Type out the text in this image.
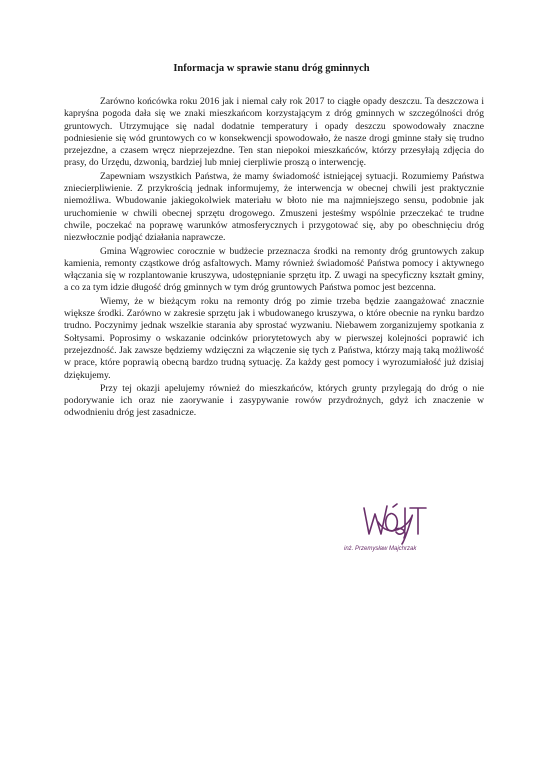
Informacja w sprawie stanu dróg gminnych

Zarówno końcówka roku 2016 jak i niemal cały rok 2017 to ciągłe opady deszczu. Ta deszczowa i kapryśna pogoda dała się we znaki mieszkańcom korzystającym z dróg gminnych w szczególności dróg gruntowych. Utrzymujące się nadal dodatnie temperatury i opady deszczu spowodowały znaczne podniesienie się wód gruntowych co w konsekwencji spowodowało, że nasze drogi gminne stały się trudno przejezdne, a czasem wręcz nieprzejezdne. Ten stan niepokoi mieszkańców, którzy przesyłają zdjęcia do prasy, do Urzędu, dzwonią, bardziej lub mniej cierpliwie proszą o interwencję.

Zapewniam wszystkich Państwa, że mamy świadomość istniejącej sytuacji. Rozumiemy Państwa zniecierpliwienie. Z przykrością jednak informujemy, że interwencja w obecnej chwili jest praktycznie niemożliwa. Wbudowanie jakiegokolwiek materiału w błoto nie ma najmniejszego sensu, podobnie jak uruchomienie w chwili obecnej sprzętu drogowego. Zmuszeni jesteśmy wspólnie przeczekać te trudne chwile, poczekać na poprawę warunków atmosferycznych i przygotować się, aby po obeschnięciu dróg niezwłocznie podjąć działania naprawcze.

Gmina Wągrowiec corocznie w budżecie przeznacza środki na remonty dróg gruntowych zakup kamienia, remonty cząstkowe dróg asfaltowych. Mamy również świadomość Państwa pomocy i aktywnego włączania się w rozplantowanie kruszywa, udostępnianie sprzętu itp. Z uwagi na specyficzny kształt gminy, a co za tym idzie długość dróg gminnych w tym dróg gruntowych Państwa pomoc jest bezcenna.

Wiemy, że w bieżącym roku na remonty dróg po zimie trzeba będzie zaangażować znacznie większe środki. Zarówno w zakresie sprzętu jak i wbudowanego kruszywa, o które obecnie na rynku bardzo trudno. Poczynimy jednak wszelkie starania aby sprostać wyzwaniu. Niebawem zorganizujemy spotkania z Sołtysami. Poprosimy o wskazanie odcinków priorytetowych aby w pierwszej kolejności poprawić ich przejezdność. Jak zawsze będziemy wdzięczni za włączenie się tych z Państwa, którzy mają taką możliwość w prace, które poprawią obecną bardzo trudną sytuację. Za każdy gest pomocy i wyrozumiałość już dzisiaj dziękujemy.

Przy tej okazji apelujemy również do mieszkańców, których grunty przylegają do dróg o nie podorywanie ich oraz nie zaorywanie i zasypywanie rowów przydrożnych, gdyż ich znaczenie w odwodnieniu dróg jest zasadnicze.

inż. Przemysław Majchrzak
